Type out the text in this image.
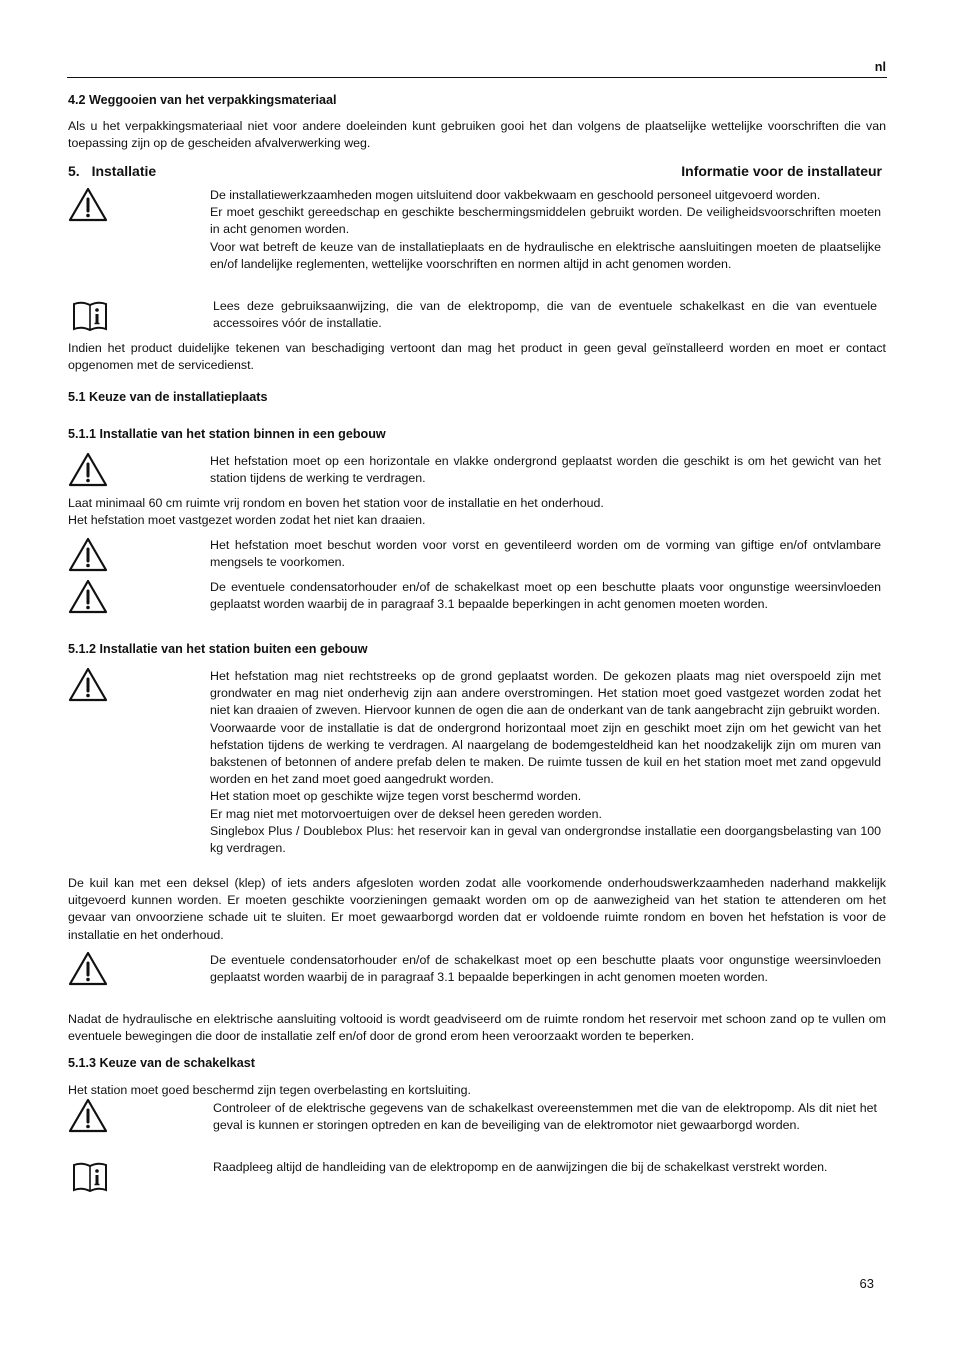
nl
4.2 Weggooien van het verpakkingsmateriaal

Als u het verpakkingsmateriaal niet voor andere doeleinden kunt gebruiken gooi het dan volgens de plaatselijke wettelijke voorschriften die van toepassing zijn op de gescheiden afvalverwerking weg.

5. Installatie	Informatie voor de installateur

De installatiewerkzaamheden mogen uitsluitend door vakbekwaam en geschoold personeel uitgevoerd worden.

Er moet geschikt gereedschap en geschikte beschermingsmiddelen gebruikt worden. De veiligheidsvoorschriften moeten in acht genomen worden.

Voor wat betreft de keuze van de installatieplaats en de hydraulische en elektrische aansluitingen moeten de plaatselijke en/of landelijke reglementen, wettelijke voorschriften en normen altijd in acht genomen worden.

Lees deze gebruiksaanwijzing, die van de elektropomp, die van de eventuele schakelkast en die van eventuele accessoires vóór de installatie.

Indien het product duidelijke tekenen van beschadiging vertoont dan mag het product in geen geval geïnstalleerd worden en moet er contact opgenomen met de servicedienst.

5.1 Keuze van de installatieplaats
5.1.1 Installatie van het station binnen in een gebouw

Het hefstation moet op een horizontale en vlakke ondergrond geplaatst worden die geschikt is om het gewicht van het station tijdens de werking te verdragen.

Laat minimaal 60 cm ruimte vrij rondom en boven het station voor de installatie en het onderhoud.

Het hefstation moet vastgezet worden zodat het niet kan draaien.

Het hefstation moet beschut worden voor vorst en geventileerd worden om de vorming van giftige en/of ontvlambare mengsels te voorkomen.

De eventuele condensatorhouder en/of de schakelkast moet op een beschutte plaats voor ongunstige weersinvloeden geplaatst worden waarbij de in paragraaf 3.1 bepaalde beperkingen in acht genomen moeten worden.

5.1.2 Installatie van het station buiten een gebouw

Het hefstation mag niet rechtstreeks op de grond geplaatst worden. De gekozen plaats mag niet overspoeld zijn met grondwater en mag niet onderhevig zijn aan andere overstromingen. Het station moet goed vastgezet worden zodat het niet kan draaien of zweven. Hiervoor kunnen de ogen die aan de onderkant van de tank aangebracht zijn gebruikt worden.

Voorwaarde voor de installatie is dat de ondergrond horizontaal moet zijn en geschikt moet zijn om het gewicht van het hefstation tijdens de werking te verdragen. Al naargelang de bodemgesteldheid kan het noodzakelijk zijn om muren van bakstenen of betonnen of andere prefab delen te maken. De ruimte tussen de kuil en het station moet met zand opgevuld worden en het zand moet goed aangedrukt worden.

Het station moet op geschikte wijze tegen vorst beschermd worden.

Er mag niet met motorvoertuigen over de deksel heen gereden worden.

Singlebox Plus / Doublebox Plus: het reservoir kan in geval van ondergrondse installatie een doorgangsbelasting van 100 kg verdragen.

De kuil kan met een deksel (klep) of iets anders afgesloten worden zodat alle voorkomende onderhoudswerkzaamheden naderhand makkelijk uitgevoerd kunnen worden. Er moeten geschikte voorzieningen gemaakt worden om op de aanwezigheid van het station te attenderen om het gevaar van onvoorziene schade uit te sluiten. Er moet gewaarborgd worden dat er voldoende ruimte rondom en boven het hefstation is voor de installatie en het onderhoud.

De eventuele condensatorhouder en/of de schakelkast moet op een beschutte plaats voor ongunstige weersinvloeden geplaatst worden waarbij de in paragraaf 3.1 bepaalde beperkingen in acht genomen moeten worden.

Nadat de hydraulische en elektrische aansluiting voltooid is wordt geadviseerd om de ruimte rondom het reservoir met schoon zand op te vullen om eventuele bewegingen die door de installatie zelf en/of door de grond erom heen veroorzaakt worden te beperken.

5.1.3 Keuze van de schakelkast

Het station moet goed beschermd zijn tegen overbelasting en kortsluiting.

Controleer of de elektrische gegevens van de schakelkast overeenstemmen met die van de elektropomp. Als dit niet het geval is kunnen er storingen optreden en kan de beveiliging van de elektromotor niet gewaarborgd worden.

Raadpleeg altijd de handleiding van de elektropomp en de aanwijzingen die bij de schakelkast verstrekt worden.

63
